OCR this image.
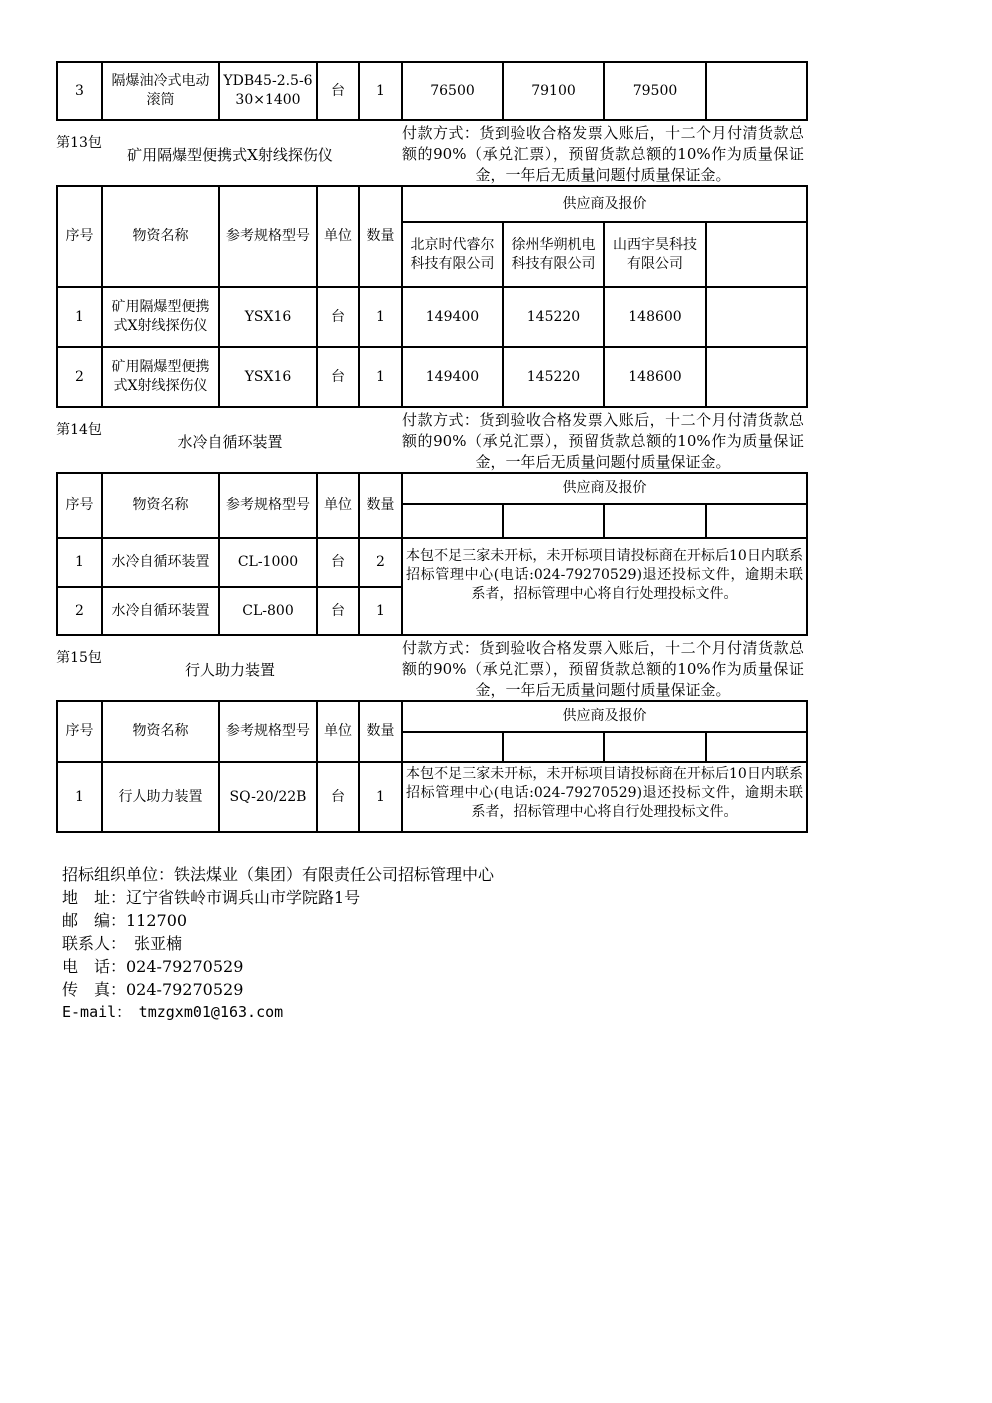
3	隔爆油冷式电动滚筒	YDB45-2.5-630×1400	台	1	76500	79100	79500	
第13包
矿用隔爆型便携式X射线探伤仪
付款方式：货到验收合格发票入账后，十二个月付清货款总额的90%（承兑汇票），预留货款总额的10%作为质量保证金，一年后无质量问题付质量保证金。
序号	物资名称	参考规格型号	单位	数量	供应商及报价			
					北京时代睿尔科技有限公司	徐州华朔机电科技有限公司	山西宇昊科技有限公司	
1	矿用隔爆型便携式X射线探伤仪	YSX16	台	1	149400	145220	148600	
2	矿用隔爆型便携式X射线探伤仪	YSX16	台	1	149400	145220	148600	
第14包
水冷自循环装置
付款方式：货到验收合格发票入账后，十二个月付清货款总额的90%（承兑汇票），预留货款总额的10%作为质量保证金，一年后无质量问题付质量保证金。
序号	物资名称	参考规格型号	单位	数量	供应商及报价			

1	水冷自循环装置	CL-1000	台	2	本包不足三家未开标，未开标项目请投标商在开标后10日内联系招标管理中心(电话:024-79270529)退还投标文件，逾期未联系者，招标管理中心将自行处理投标文件。			
2	水冷自循环装置	CL-800	台	1				
第15包
行人助力装置
付款方式：货到验收合格发票入账后，十二个月付清货款总额的90%（承兑汇票），预留货款总额的10%作为质量保证金，一年后无质量问题付质量保证金。
序号	物资名称	参考规格型号	单位	数量	供应商及报价			

1	行人助力装置	SQ-20/22B	台	1	本包不足三家未开标，未开标项目请投标商在开标后10日内联系招标管理中心(电话:024-79270529)退还投标文件，逾期未联系者，招标管理中心将自行处理投标文件。			
招标组织单位：铁法煤业（集团）有限责任公司招标管理中心
地　址：辽宁省铁岭市调兵山市学院路1号
邮　编：112700
联系人：　张亚楠
电　话：024-79270529
传　真：024-79270529
E-mail：　tmzgxm01@163.com
